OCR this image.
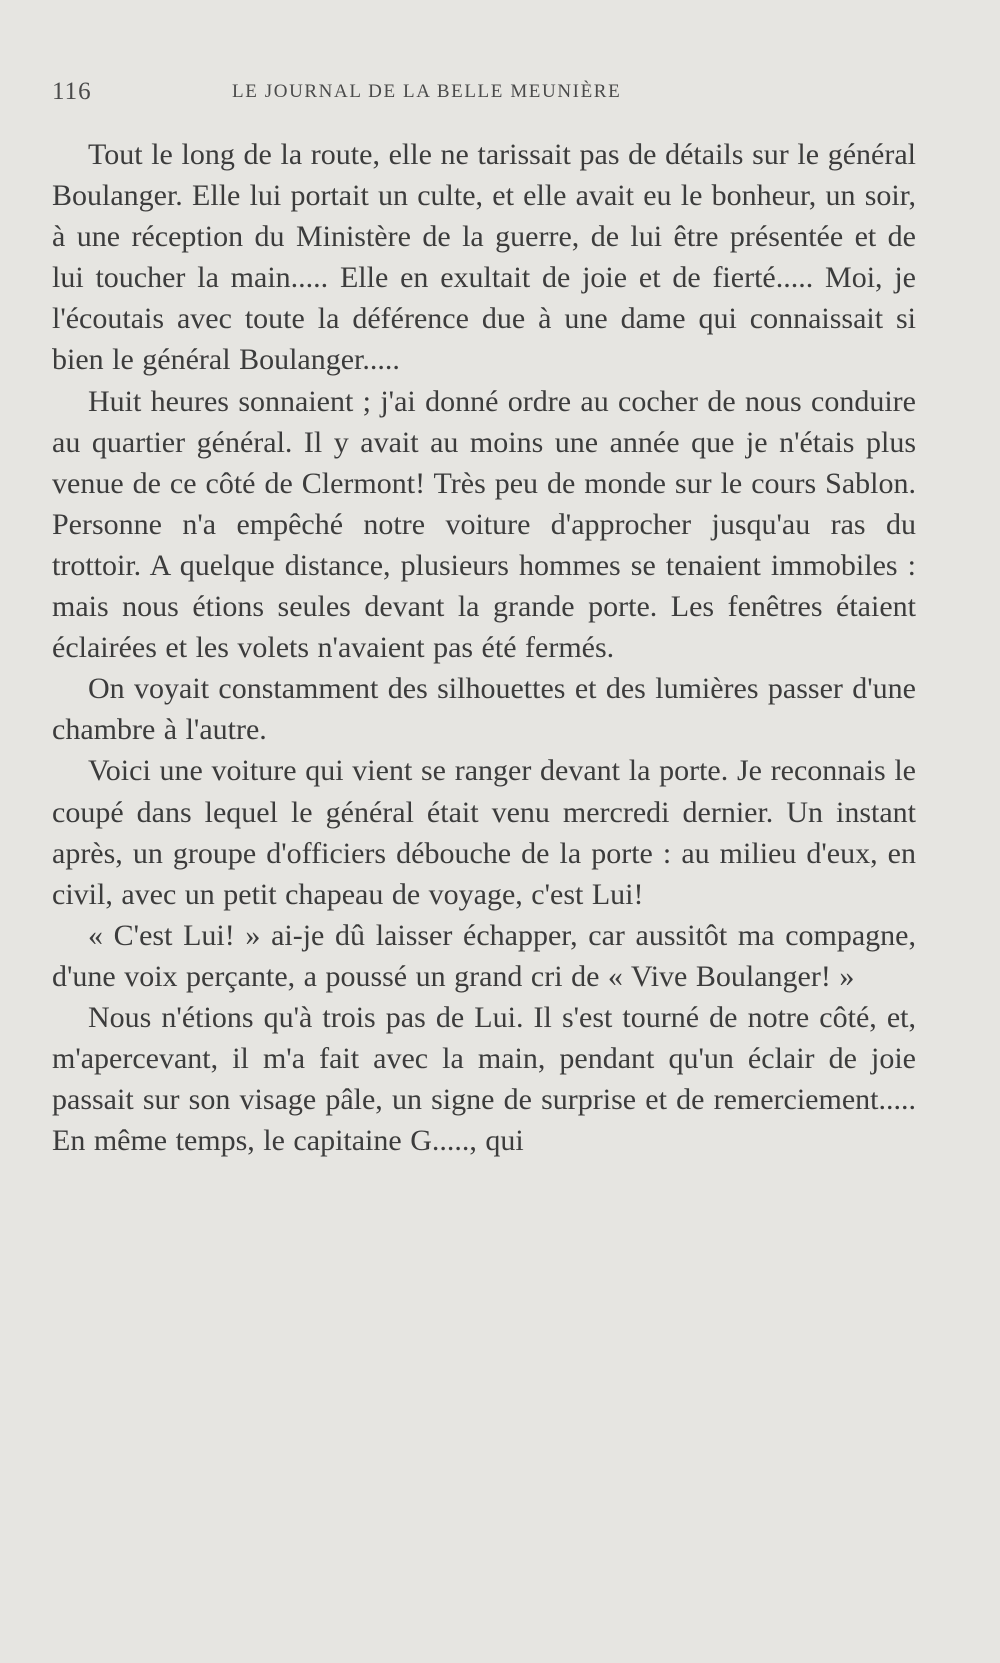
116	LE JOURNAL DE LA BELLE MEUNIÈRE

Tout le long de la route, elle ne tarissait pas de détails sur le général Boulanger. Elle lui portait un culte, et elle avait eu le bonheur, un soir, à une réception du Ministère de la guerre, de lui être présentée et de lui toucher la main..... Elle en exultait de joie et de fierté..... Moi, je l'écoutais avec toute la déférence due à une dame qui connaissait si bien le général Boulanger.....

Huit heures sonnaient ; j'ai donné ordre au cocher de nous conduire au quartier général. Il y avait au moins une année que je n'étais plus venue de ce côté de Clermont! Très peu de monde sur le cours Sablon. Personne n'a empêché notre voiture d'approcher jusqu'au ras du trottoir. A quelque distance, plusieurs hommes se tenaient immobiles : mais nous étions seules devant la grande porte. Les fenêtres étaient éclairées et les volets n'avaient pas été fermés.

On voyait constamment des silhouettes et des lumières passer d'une chambre à l'autre.

Voici une voiture qui vient se ranger devant la porte. Je reconnais le coupé dans lequel le général était venu mercredi dernier. Un instant après, un groupe d'officiers débouche de la porte : au milieu d'eux, en civil, avec un petit chapeau de voyage, c'est Lui!

« C'est Lui! » ai-je dû laisser échapper, car aussitôt ma compagne, d'une voix perçante, a poussé un grand cri de « Vive Boulanger! »

Nous n'étions qu'à trois pas de Lui. Il s'est tourné de notre côté, et, m'apercevant, il m'a fait avec la main, pendant qu'un éclair de joie passait sur son visage pâle, un signe de surprise et de remerciement..... En même temps, le capitaine G....., qui
